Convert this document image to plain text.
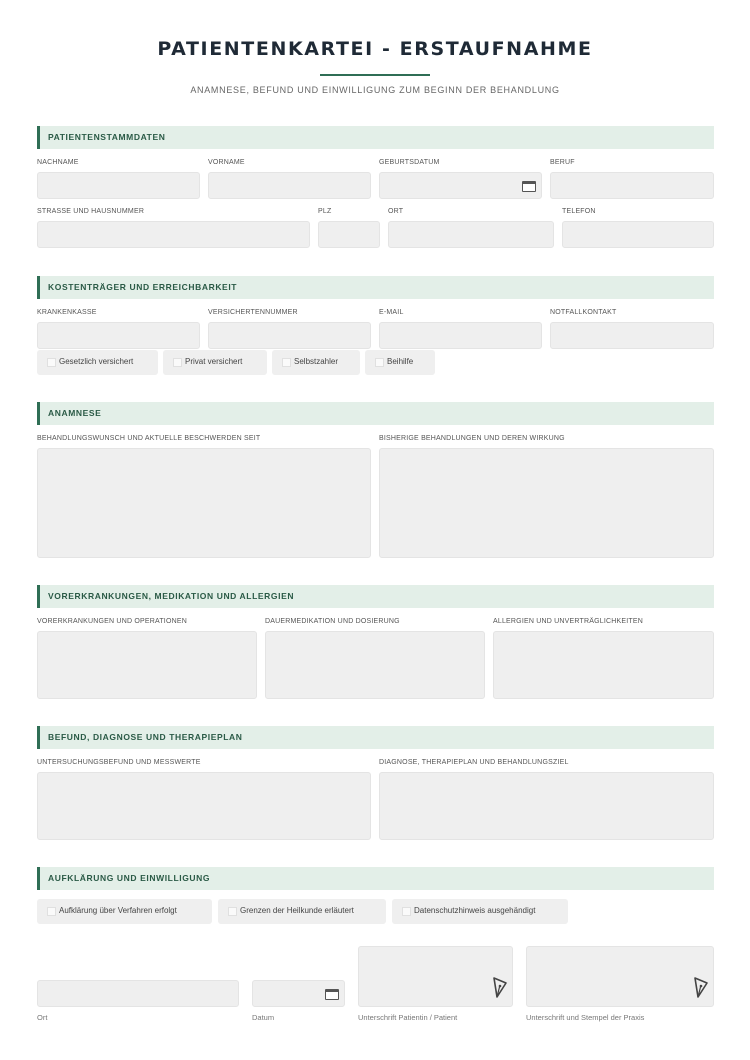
PATIENTENKARTEI - ERSTAUFNAHME
ANAMNESE, BEFUND UND EINWILLIGUNG ZUM BEGINN DER BEHANDLUNG
PATIENTENSTAMMDATEN
NACHNAME	VORNAME	GEBURTSDATUM	BERUF
STRASSE UND HAUSNUMMER	PLZ	ORT	TELEFON
KOSTENTRÄGER UND ERREICHBARKEIT
KRANKENKASSE	VERSICHERTENNUMMER	E-MAIL	NOTFALLKONTAKT
Gesetzlich versichert	Privat versichert	Selbstzahler	Beihilfe
ANAMNESE
BEHANDLUNGSWUNSCH UND AKTUELLE BESCHWERDEN SEIT	BISHERIGE BEHANDLUNGEN UND DEREN WIRKUNG
VORERKRANKUNGEN, MEDIKATION UND ALLERGIEN
VORERKRANKUNGEN UND OPERATIONEN	DAUERMEDIKATION UND DOSIERUNG	ALLERGIEN UND UNVERTRÄGLICHKEITEN
BEFUND, DIAGNOSE UND THERAPIEPLAN
UNTERSUCHUNGSBEFUND UND MESSWERTE	DIAGNOSE, THERAPIEPLAN UND BEHANDLUNGSZIEL
AUFKLÄRUNG UND EINWILLIGUNG
Aufklärung über Verfahren erfolgt	Grenzen der Heilkunde erläutert	Datenschutzhinweis ausgehändigt
Ort	Datum	Unterschrift Patientin / Patient	Unterschrift und Stempel der Praxis
